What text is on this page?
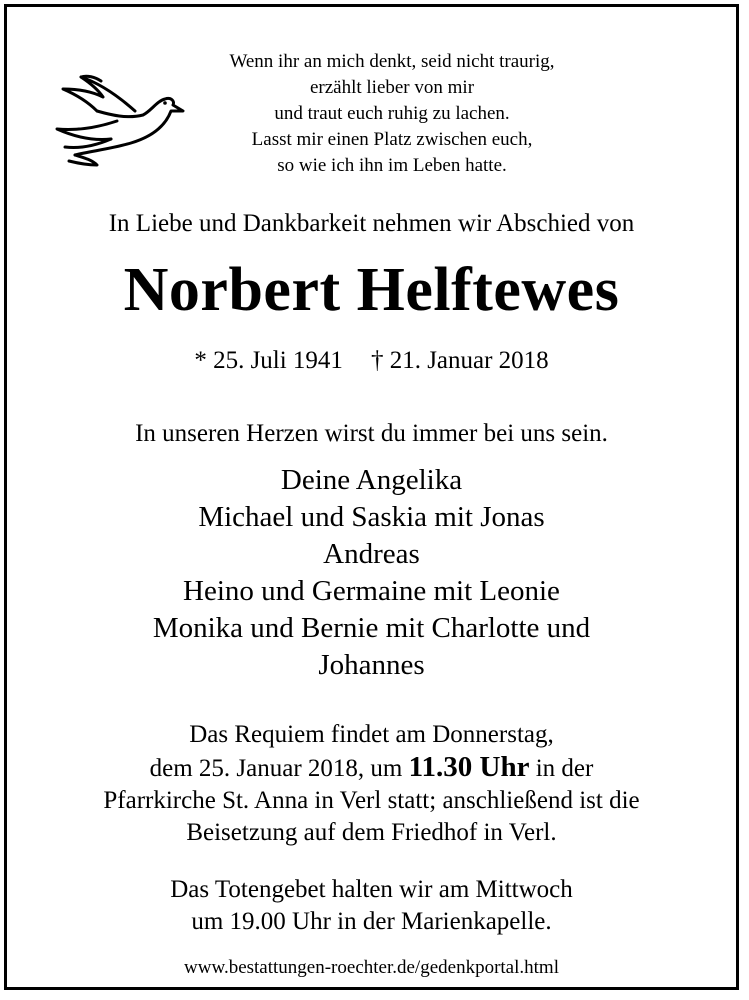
Wenn ihr an mich denkt, seid nicht traurig,
erzählt lieber von mir
und traut euch ruhig zu lachen.
Lasst mir einen Platz zwischen euch,
so wie ich ihn im Leben hatte.
In Liebe und Dankbarkeit nehmen wir Abschied von
Norbert Helftewes
* 25. Juli 1941 † 21. Januar 2018
In unseren Herzen wirst du immer bei uns sein.
Deine Angelika
Michael und Saskia mit Jonas
Andreas
Heino und Germaine mit Leonie
Monika und Bernie mit Charlotte und
Johannes
Das Requiem findet am Donnerstag,
dem 25. Januar 2018, um 11.30 Uhr in der
Pfarrkirche St. Anna in Verl statt; anschließend ist die
Beisetzung auf dem Friedhof in Verl.
Das Totengebet halten wir am Mittwoch
um 19.00 Uhr in der Marienkapelle.
www.bestattungen-roechter.de/gedenkportal.html
